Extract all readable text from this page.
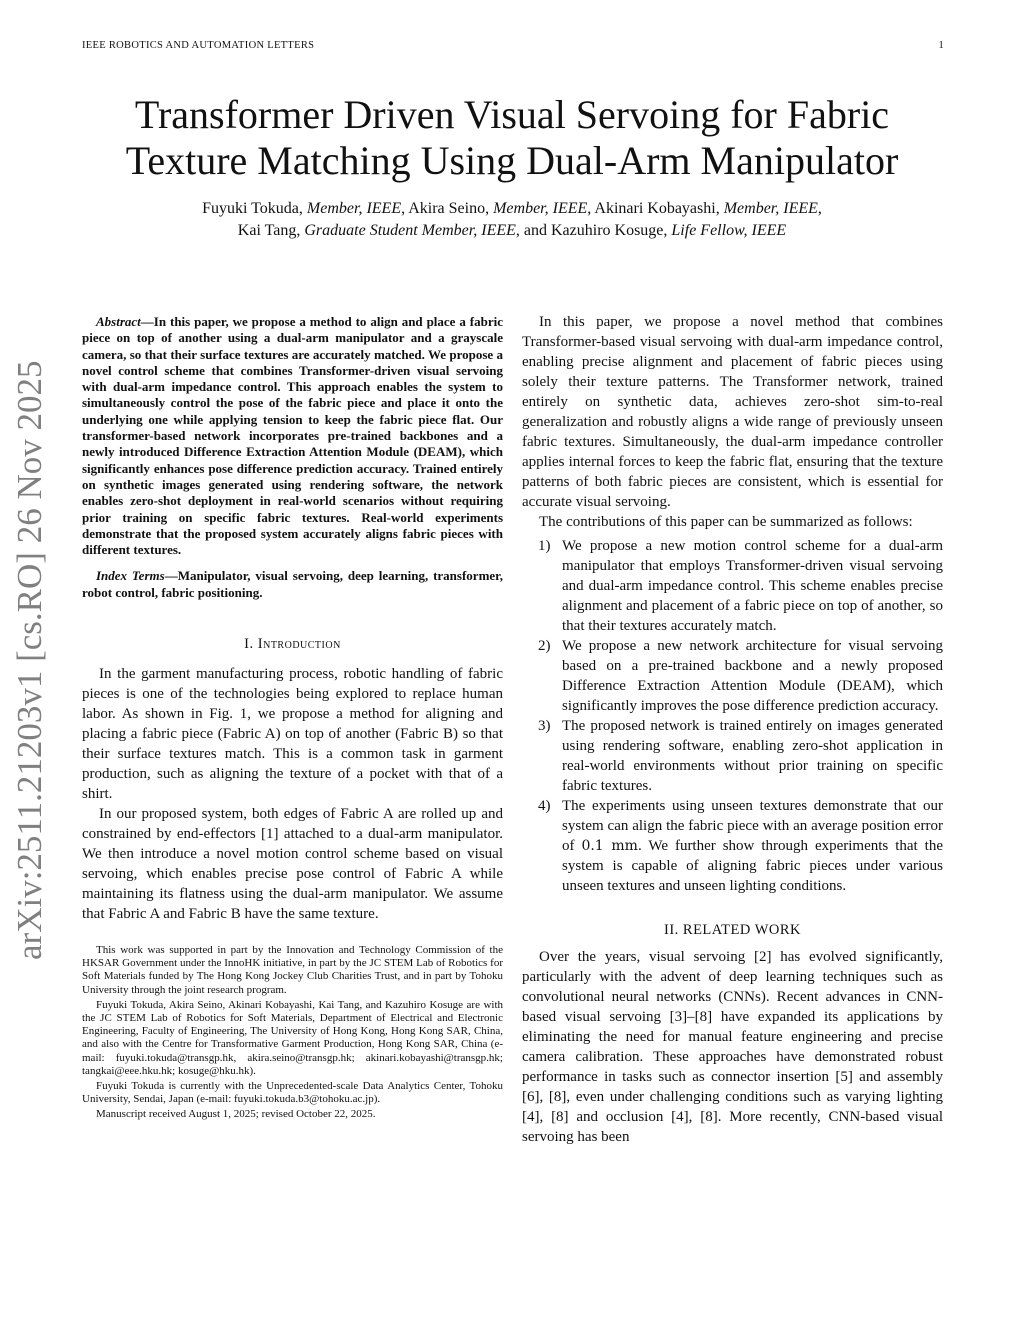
IEEE ROBOTICS AND AUTOMATION LETTERS	1
arXiv:2511.21203v1 [cs.RO] 26 Nov 2025
Transformer Driven Visual Servoing for Fabric
Texture Matching Using Dual-Arm Manipulator
Fuyuki Tokuda, Member, IEEE, Akira Seino, Member, IEEE, Akinari Kobayashi, Member, IEEE,
Kai Tang, Graduate Student Member, IEEE, and Kazuhiro Kosuge, Life Fellow, IEEE

Abstract—In this paper, we propose a method to align and place a fabric piece on top of another using a dual-arm manipulator and a grayscale camera, so that their surface textures are accurately matched. We propose a novel control scheme that combines Transformer-driven visual servoing with dual-arm impedance control. This approach enables the system to simultaneously control the pose of the fabric piece and place it onto the underlying one while applying tension to keep the fabric piece flat. Our transformer-based network incorporates pre-trained backbones and a newly introduced Difference Extraction Attention Module (DEAM), which significantly enhances pose difference prediction accuracy. Trained entirely on synthetic images generated using rendering software, the network enables zero-shot deployment in real-world scenarios without requiring prior training on specific fabric textures. Real-world experiments demonstrate that the proposed system accurately aligns fabric pieces with different textures.

Index Terms—Manipulator, visual servoing, deep learning, transformer, robot control, fabric positioning.

I. Introduction

In the garment manufacturing process, robotic handling of fabric pieces is one of the technologies being explored to replace human labor. As shown in Fig. 1, we propose a method for aligning and placing a fabric piece (Fabric A) on top of another (Fabric B) so that their surface textures match. This is a common task in garment production, such as aligning the texture of a pocket with that of a shirt.

In our proposed system, both edges of Fabric A are rolled up and constrained by end-effectors [1] attached to a dual-arm manipulator. We then introduce a novel motion control scheme based on visual servoing, which enables precise pose control of Fabric A while maintaining its flatness using the dual-arm manipulator. We assume that Fabric A and Fabric B have the same texture.

This work was supported in part by the Innovation and Technology Commission of the HKSAR Government under the InnoHK initiative, in part by the JC STEM Lab of Robotics for Soft Materials funded by The Hong Kong Jockey Club Charities Trust, and in part by Tohoku University through the joint research program.

Fuyuki Tokuda, Akira Seino, Akinari Kobayashi, Kai Tang, and Kazuhiro Kosuge are with the JC STEM Lab of Robotics for Soft Materials, Department of Electrical and Electronic Engineering, Faculty of Engineering, The University of Hong Kong, Hong Kong SAR, China, and also with the Centre for Transformative Garment Production, Hong Kong SAR, China (e-mail: fuyuki.tokuda@transgp.hk, akira.seino@transgp.hk; akinari.kobayashi@transgp.hk; tangkai@eee.hku.hk; kosuge@hku.hk).

Fuyuki Tokuda is currently with the Unprecedented-scale Data Analytics Center, Tohoku University, Sendai, Japan (e-mail: fuyuki.tokuda.b3@tohoku.ac.jp).

Manuscript received August 1, 2025; revised October 22, 2025.

In this paper, we propose a novel method that combines Transformer-based visual servoing with dual-arm impedance control, enabling precise alignment and placement of fabric pieces using solely their texture patterns. The Transformer network, trained entirely on synthetic data, achieves zero-shot sim-to-real generalization and robustly aligns a wide range of previously unseen fabric textures. Simultaneously, the dual-arm impedance controller applies internal forces to keep the fabric flat, ensuring that the texture patterns of both fabric pieces are consistent, which is essential for accurate visual servoing.

The contributions of this paper can be summarized as follows:

1) We propose a new motion control scheme for a dual-arm manipulator that employs Transformer-driven visual servoing and dual-arm impedance control. This scheme enables precise alignment and placement of a fabric piece on top of another, so that their textures accurately match.
2) We propose a new network architecture for visual servoing based on a pre-trained backbone and a newly proposed Difference Extraction Attention Module (DEAM), which significantly improves the pose difference prediction accuracy.
3) The proposed network is trained entirely on images generated using rendering software, enabling zero-shot application in real-world environments without prior training on specific fabric textures.
4) The experiments using unseen textures demonstrate that our system can align the fabric piece with an average position error of 0.1 mm. We further show through experiments that the system is capable of aligning fabric pieces under various unseen textures and unseen lighting conditions.
II. RELATED WORK

Over the years, visual servoing [2] has evolved significantly, particularly with the advent of deep learning techniques such as convolutional neural networks (CNNs). Recent advances in CNN-based visual servoing [3]–[8] have expanded its applications by eliminating the need for manual feature engineering and precise camera calibration. These approaches have demonstrated robust performance in tasks such as connector insertion [5] and assembly [6], [8], even under challenging conditions such as varying lighting [4], [8] and occlusion [4], [8]. More recently, CNN-based visual servoing has been
